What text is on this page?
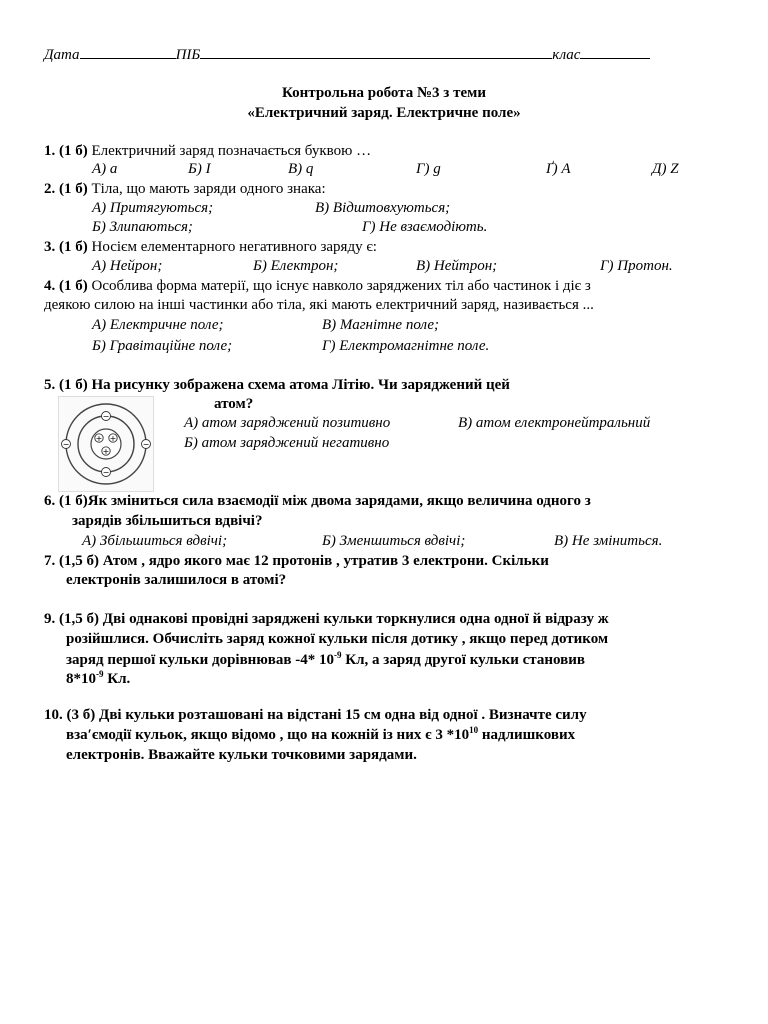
Дата	ПІБ	клас
Контрольна робота №3 з теми
«Електричний заряд. Електричне поле»
1. (1 б) Електричний заряд позначається буквою …
А) a	Б) I	В) q	Г) g	Ґ) A	Д) Z
2. (1 б) Тіла, що мають заряди одного знака:
А) Притягуються;	В) Відштовхуються;
Б) Злипаються;	Г) Не взаємодіють.
3. (1 б) Носієм елементарного негативного заряду є:
А) Нейрон;	Б) Електрон;	В) Нейтрон;	Г) Протон.
4. (1 б) Особлива форма матерії, що існує навколо заряджених тіл або частинок і діє з
деякою силою на інші частинки або тіла, які мають електричний заряд, називається ...
А) Електричне поле;	В) Магнітне поле;
Б) Гравітаційне поле;	Г) Електромагнітне поле.
5. (1 б) На рисунку зображена схема атома Літію. Чи заряджений цей
атом?
А) атом заряджений позитивно	В) атом електронейтральний
Б) атом заряджений негативно
+ +
+
−
−
−	−
6. (1 б)Як зміниться сила взаємодії між двома зарядами, якщо величина одного з
зарядів збільшиться вдвічі?
А) Збільшиться вдвічі;	Б) Зменшиться вдвічі;	В) Не зміниться.
7. (1,5 б) Атом , ядро якого має 12 протонів , утратив 3 електрони. Скільки
електронів залишилося в атомі?
9. (1,5 б) Дві однакові провідні заряджені кульки торкнулися одна одної й відразу ж
розійшлися. Обчисліть заряд кожної кульки після дотику , якщо перед дотиком
заряд першої кульки дорівнював -4* $10^{-9}$ Кл, а заряд другої кульки становив
$8*10^{-9}$ Кл.
10. (3 б) Дві кульки розташовані на відстані 15 см одна від одної . Визначте силу
взаʹємодії кульок, якщо відомо , що на кожній із них є 3 $*10^{10}$ надлишкових
електронів. Вважайте кульки точковими зарядами.
